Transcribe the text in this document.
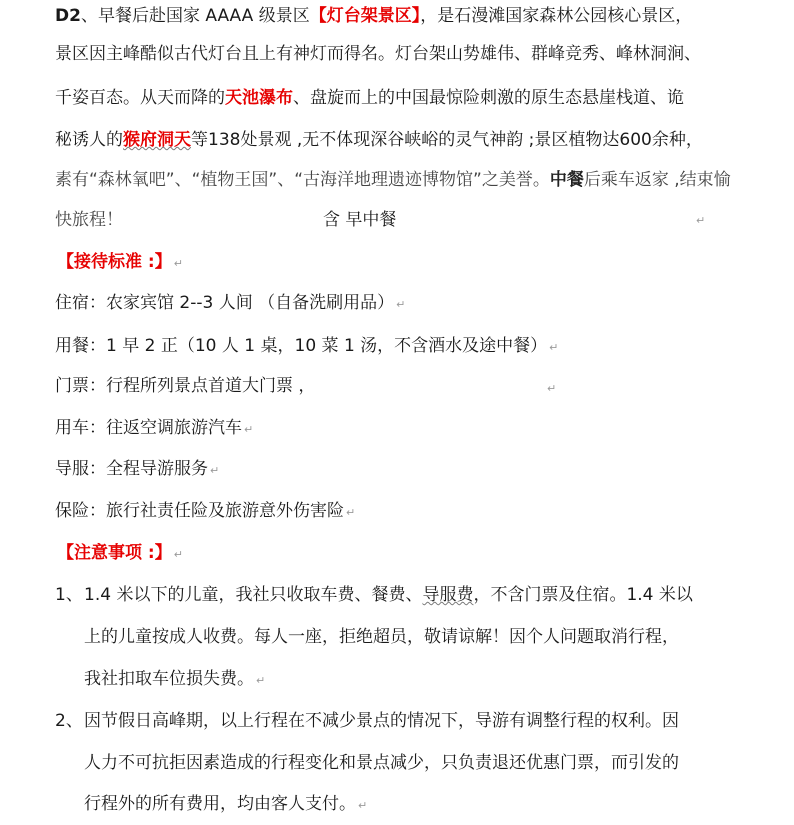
D2、早餐后赴国家 AAAA 级景区【灯台架景区】，是石漫滩国家森林公园核心景区，
景区因主峰酷似古代灯台且上有神灯而得名。灯台架山势雄伟、群峰竞秀、峰林洞涧、
千姿百态。从天而降的天池瀑布、盘旋而上的中国最惊险刺激的原生态悬崖栈道、诡
秘诱人的猴府洞天等138处景观 ,无不体现深谷峡峪的灵气神韵 ;景区植物达600余种，
素有“森林氧吧”、“植物王国”、“古海洋地理遗迹博物馆”之美誉。中餐后乘车返家 ,结束愉
快旅程！	含 早中餐	↵
【接待标准 :】 ↵
住宿：农家宾馆 2--3 人间 （自备洗刷用品） ↵
用餐：1 早 2 正（10 人 1 桌，10 菜 1 汤，不含酒水及途中餐） ↵
门票：行程所列景点首道大门票 ，	↵
用车：往返空调旅游汽车 ↵
导服：全程导游服务 ↵
保险：旅行社责任险及旅游意外伤害险 ↵
【注意事项 :】 ↵
1、 1.4 米以下的儿童，我社只收取车费、餐费、导服费，不含门票及住宿。1.4 米以
上的儿童按成人收费。每人一座，拒绝超员，敬请谅解！因个人问题取消行程，
我社扣取车位损失费。 ↵
2、 因节假日高峰期，以上行程在不减少景点的情况下，导游有调整行程的权利。因
人力不可抗拒因素造成的行程变化和景点减少，只负责退还优惠门票，而引发的
行程外的所有费用，均由客人支付。 ↵
